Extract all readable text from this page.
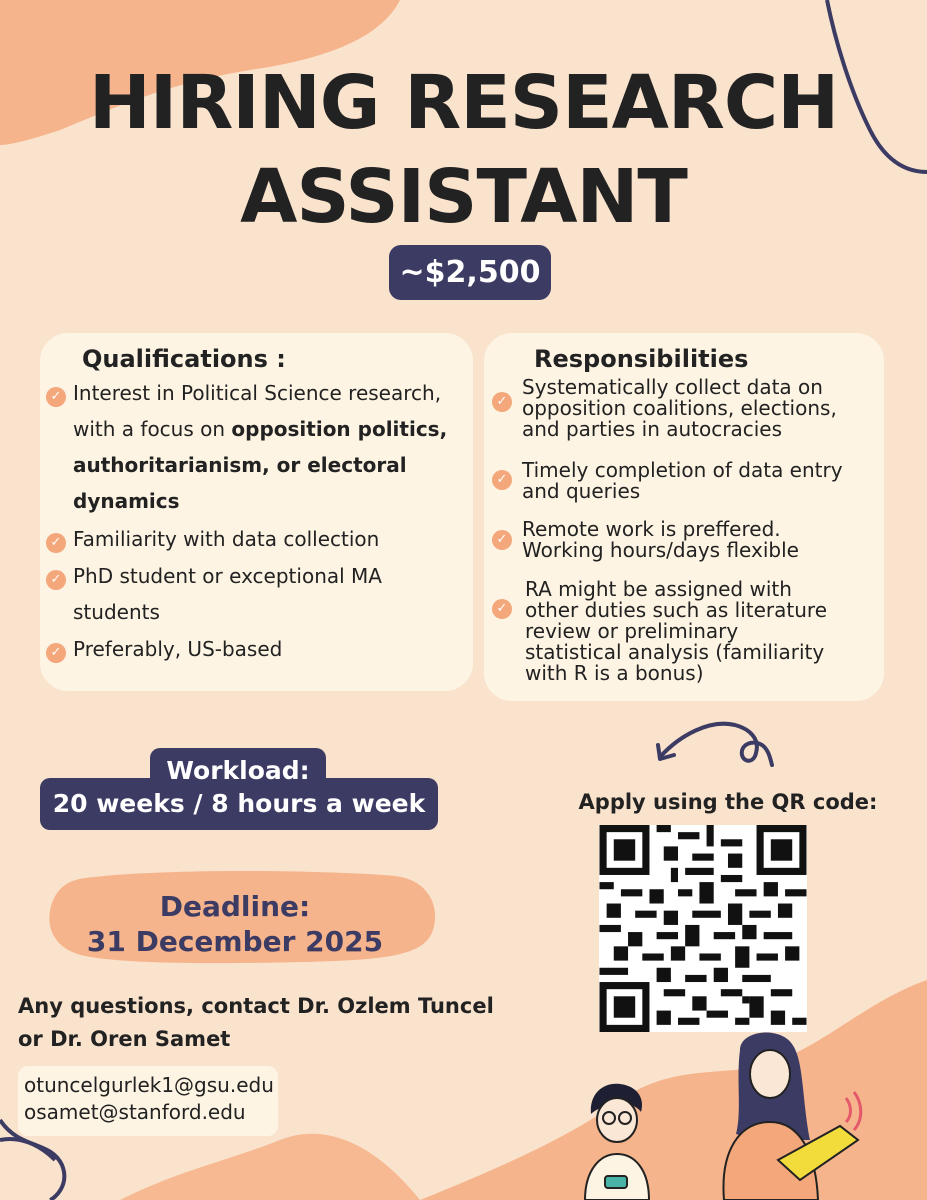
HIRING RESEARCH
ASSISTANT
~$2,500
Qualifications :
✓ Interest in Political Science research,
with a focus on opposition politics,
authoritarianism, or electoral
dynamics
✓ Familiarity with data collection
✓ PhD student or exceptional MA
students
✓ Preferably, US-based
Responsibilities
✓
Systematically collect data on
opposition coalitions, elections,
and parties in autocracies
✓ Timely completion of data entry
and queries
✓ Remote work is preffered.
Working hours/days flexible
✓
RA might be assigned with
other duties such as literature
review or preliminary
statistical analysis (familiarity
with R is a bonus)
Workload:
20 weeks / 8 hours a week
Deadline:
31 December 2025
Any questions, contact Dr. Ozlem Tuncel
or Dr. Oren Samet
otuncelgurlek1@gsu.edu
osamet@stanford.edu
Apply using the QR code:
